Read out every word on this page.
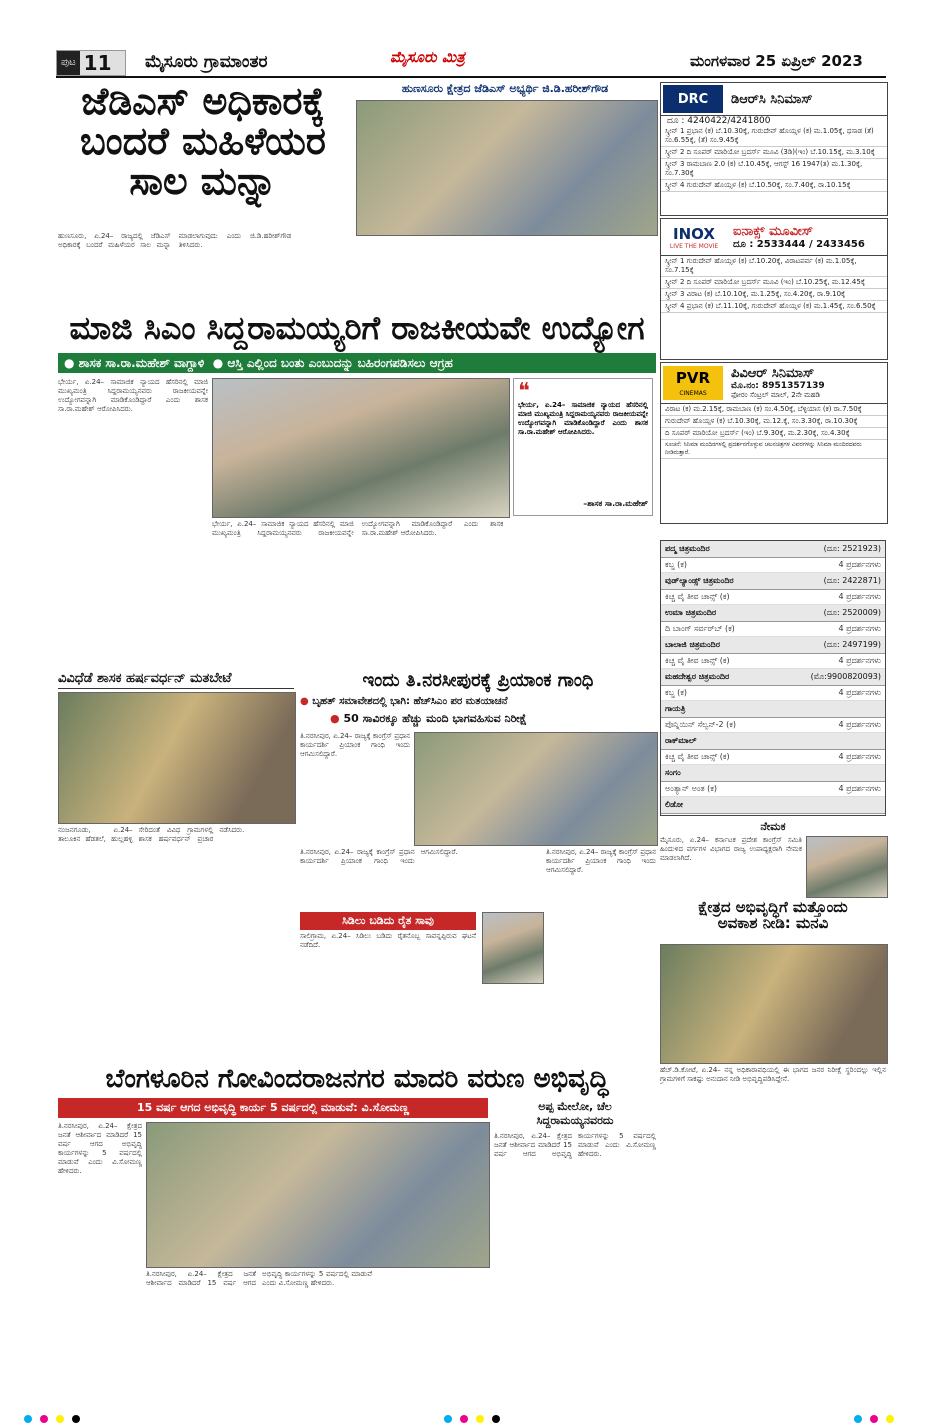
ಪುಟ 11 ಮೈಸೂರು ಗ್ರಾಮಾಂತರ	ಮೈಸೂರು ಮಿತ್ರ	ಮಂಗಳವಾರ 25 ಏಪ್ರಿಲ್ 2023
ಜೆಡಿಎಸ್ ಅಧಿಕಾರಕ್ಕೆ
ಬಂದರೆ ಮಹಿಳೆಯರ
ಸಾಲ ಮನ್ನಾ
ಹುಣಸೂರು ಕ್ಷೇತ್ರದ ಜೆಡಿಎಸ್ ಅಭ್ಯರ್ಥಿ ಜಿ.ಡಿ.ಹರೀಶ್‌ಗೌಡ
ಹುಣಸೂರು, ಏ.24– ರಾಜ್ಯದಲ್ಲಿ ಜೆಡಿಎಸ್ ಅಧಿಕಾರಕ್ಕೆ ಬಂದರೆ ಮಹಿಳೆಯರ ಸಾಲ ಮನ್ನಾ ಮಾಡಲಾಗುವುದು ಎಂದು ಜಿ.ಡಿ.ಹರೀಶ್‌ಗೌಡ ತಿಳಿಸಿದರು.
ಮಾಜಿ ಸಿಎಂ ಸಿದ್ದರಾಮಯ್ಯರಿಗೆ ರಾಜಕೀಯವೇ ಉದ್ಯೋಗ
● ಶಾಸಕ ಸಾ.ರಾ.ಮಹೇಶ್ ವಾಗ್ದಾಳಿ ● ಆಸ್ತಿ ಎಲ್ಲಿಂದ ಬಂತು ಎಂಬುದನ್ನು ಬಹಿರಂಗಪಡಿಸಲು ಆಗ್ರಹ
ಭೇರ್ಯ, ಏ.24– ಸಾಮಾಜಿಕ ನ್ಯಾಯದ ಹೆಸರಿನಲ್ಲಿ ಮಾಜಿ ಮುಖ್ಯಮಂತ್ರಿ ಸಿದ್ದರಾಮಯ್ಯನವರು ರಾಜಕೀಯವನ್ನೇ ಉದ್ಯೋಗವನ್ನಾಗಿ ಮಾಡಿಕೊಂಡಿದ್ದಾರೆ ಎಂದು ಶಾಸಕ ಸಾ.ರಾ.ಮಹೇಶ್ ಆರೋಪಿಸಿದರು.
❝
ಭೇರ್ಯ, ಏ.24– ಸಾಮಾಜಿಕ ನ್ಯಾಯದ ಹೆಸರಿನಲ್ಲಿ ಮಾಜಿ ಮುಖ್ಯಮಂತ್ರಿ ಸಿದ್ದರಾಮಯ್ಯನವರು ರಾಜಕೀಯವನ್ನೇ ಉದ್ಯೋಗವನ್ನಾಗಿ ಮಾಡಿಕೊಂಡಿದ್ದಾರೆ ಎಂದು ಶಾಸಕ ಸಾ.ರಾ.ಮಹೇಶ್ ಆರೋಪಿಸಿದರು.
–ಶಾಸಕ ಸಾ.ರಾ.ಮಹೇಶ್
ಭೇರ್ಯ, ಏ.24– ಸಾಮಾಜಿಕ ನ್ಯಾಯದ ಹೆಸರಿನಲ್ಲಿ ಮಾಜಿ ಮುಖ್ಯಮಂತ್ರಿ ಸಿದ್ದರಾಮಯ್ಯನವರು ರಾಜಕೀಯವನ್ನೇ ಉದ್ಯೋಗವನ್ನಾಗಿ ಮಾಡಿಕೊಂಡಿದ್ದಾರೆ ಎಂದು ಶಾಸಕ ಸಾ.ರಾ.ಮಹೇಶ್ ಆರೋಪಿಸಿದರು.
ವಿವಿಧೆಡೆ ಶಾಸಕ ಹರ್ಷವರ್ಧನ್ ಮತಬೇಟೆ
ನಂಜನಗೂಡು, ಏ.24– ತಾಲೂಕಿನ ಹೆಡತಲೆ, ಹುಲ್ಲಹಳ್ಳಿ ಸೇರಿದಂತೆ ವಿವಿಧ ಗ್ರಾಮಗಳಲ್ಲಿ ಶಾಸಕ ಹರ್ಷವರ್ಧನ್ ಪ್ರಚಾರ ನಡೆಸಿದರು.
ಇಂದು ತಿ.ನರಸೀಪುರಕ್ಕೆ ಪ್ರಿಯಾಂಕ ಗಾಂಧಿ
● ಬೃಹತ್ ಸಮಾವೇಶದಲ್ಲಿ ಭಾಗಿ: ಹೆಚ್‌ಸಿಎಂ ಪರ ಮತಯಾಚನೆ
● 50 ಸಾವಿರಕ್ಕೂ ಹೆಚ್ಚು ಮಂದಿ ಭಾಗವಹಿಸುವ ನಿರೀಕ್ಷೆ
ತಿ.ನರಸೀಪುರ, ಏ.24– ರಾಜ್ಯಕ್ಕೆ ಕಾಂಗ್ರೆಸ್ ಪ್ರಧಾನ ಕಾರ್ಯದರ್ಶಿ ಪ್ರಿಯಾಂಕ ಗಾಂಧಿ ಇಂದು ಆಗಮಿಸಲಿದ್ದಾರೆ.
ತಿ.ನರಸೀಪುರ, ಏ.24– ರಾಜ್ಯಕ್ಕೆ ಕಾಂಗ್ರೆಸ್ ಪ್ರಧಾನ ಕಾರ್ಯದರ್ಶಿ ಪ್ರಿಯಾಂಕ ಗಾಂಧಿ ಇಂದು ಆಗಮಿಸಲಿದ್ದಾರೆ.
ಸಿಡಿಲು ಬಡಿದು ರೈತ ಸಾವು
ಸಾಲಿಗ್ರಾಮ, ಏ.24– ಸಿಡಿಲು ಬಡಿದು ರೈತನೊಬ್ಬ ಸಾವನ್ನಪ್ಪಿರುವ ಘಟನೆ ನಡೆದಿದೆ.
ತಿ.ನರಸೀಪುರ, ಏ.24– ರಾಜ್ಯಕ್ಕೆ ಕಾಂಗ್ರೆಸ್ ಪ್ರಧಾನ ಕಾರ್ಯದರ್ಶಿ ಪ್ರಿಯಾಂಕ ಗಾಂಧಿ ಇಂದು ಆಗಮಿಸಲಿದ್ದಾರೆ.
DRC	ಡಿಆರ್‌ಸಿ ಸಿನಿಮಾಸ್
ದೂ : 4240422/4241800
ಸ್ಕ್ರೀನ್ 1 ಪ್ರಭಾನ (ಕ) ಬೆ.10.30ಕ್ಕೆ, ಗುರುದೇವ್ ಹೊಯ್ಸಳ (ಕ) ಮ.1.05ಕ್ಕೆ, ಧಸಾಡ (ತೆ) ಸಂ.6.55ಕ್ಕೆ, (ತೆ) ಸಂ.9.45ಕ್ಕೆ
ಸ್ಕ್ರೀನ್ 2 ದಿ ಸೂಪರ್ ಮಾರಿಯೋ ಬ್ರದರ್ಸ್ ಮೂವಿ (3ಡಿ)(ಇಂ) ಬೆ.10.15ಕ್ಕೆ, ಮ.3.10ಕ್ಕೆ
ಸ್ಕ್ರೀನ್ 3 ರಾಮಬಾಣ 2.0 (ಕ) ಬೆ.10.45ಕ್ಕೆ, ಆಗಸ್ಟ್ 16 1947(ತ) ಮ.1.30ಕ್ಕೆ, ಸಂ.7.30ಕ್ಕೆ
ಸ್ಕ್ರೀನ್ 4 ಗುರುದೇವ್ ಹೊಯ್ಸಳ (ಕ) ಬೆ.10.50ಕ್ಕೆ, ಸಂ.7.40ಕ್ಕೆ, ರಾ.10.15ಕ್ಕೆ
INOX
LIVE THE MOVIE
ಐನಾಕ್ಸ್ ಮೂವೀಸ್
ದೂ : 2533444 / 2433456
ಸ್ಕ್ರೀನ್ 1 ಗುರುದೇವ್ ಹೊಯ್ಸಳ (ಕ) ಬೆ.10.20ಕ್ಕೆ, ವಿರಾಟಪರ್ವ (ಕ) ಮ.1.05ಕ್ಕೆ, ಸಂ.7.15ಕ್ಕೆ
ಸ್ಕ್ರೀನ್ 2 ದಿ ಸೂಪರ್ ಮಾರಿಯೋ ಬ್ರದರ್ಸ್ ಮೂವಿ (ಇಂ) ಬೆ.10.25ಕ್ಕೆ, ಮ.12.45ಕ್ಕೆ
ಸ್ಕ್ರೀನ್ 3 ವಿರಾಟ (ಕ) ಬೆ.10.10ಕ್ಕೆ, ಮ.1.25ಕ್ಕೆ, ಸಂ.4.20ಕ್ಕೆ, ರಾ.9.10ಕ್ಕೆ
ಸ್ಕ್ರೀನ್ 4 ಪ್ರಭಾನ (ಕ) ಬೆ.11.10ಕ್ಕೆ, ಗುರುದೇವ್ ಹೊಯ್ಸಳ (ಕ) ಮ.1.45ಕ್ಕೆ, ಸಂ.6.50ಕ್ಕೆ
PVR
CINEMAS
ಪಿವಿಆರ್ ಸಿನಿಮಾಸ್
ಮೊ.ನಂ: 8951357139
ಫೋರಂ ಸೆಂಟ್ರಲ್ ಮಾಲ್, 2ನೇ ಮಹಡಿ
ವಿರಾಟ (ಕ) ಮ.2.15ಕ್ಕೆ, ರಾಮಬಾಣ (ಕ) ಸಂ.4.50ಕ್ಕೆ, ಬೆಳ್ಳಿಯಾಸ (ಕ) ರಾ.7.50ಕ್ಕೆ
ಗುರುದೇವ್ ಹೊಯ್ಸಳ (ಕ) ಬೆ.10.30ಕ್ಕೆ, ಮ.12.ಕ್ಕೆ, ಸಂ.3.30ಕ್ಕೆ, ರಾ.10.30ಕ್ಕೆ
ದಿ ಸೂಪರ್ ಮಾರಿಯೋ ಬ್ರದರ್ಸ್ (ಇಂ) ಬೆ.9.30ಕ್ಕೆ, ಮ.2.30ಕ್ಕೆ, ಸಂ.4.30ಕ್ಕೆ
ಸೂಚನೆ: ಸಿನಿಮಾ ಮಂದಿರಗಳಲ್ಲಿ ಪ್ರದರ್ಶನಗೊಳ್ಳುವ ಚಲನಚಿತ್ರಗಳ ವಿವರಗಳನ್ನು ಸಿನಿಮಾ ಮಂದಿರದವರು ನೀಡಿರುತ್ತಾರೆ.
ಪದ್ಮ ಚಿತ್ರಮಂದಿರ	(ದೂ: 2521923)
ಕಬ್ಜ (ಕ)	4 ಪ್ರದರ್ಶನಗಳು
ವುಡ್‌ಲ್ಯಾಂಡ್ಸ್ ಚಿತ್ರಮಂದಿರ	(ದೂ: 2422871)
ಕಿಚ್ಚ ವೈ ತೀವ ಚಾನ್ಸ್ (ಕ)	4 ಪ್ರದರ್ಶನಗಳು
ಉಮಾ ಚಿತ್ರಮಂದಿರ	(ದೂ: 2520009)
ದಿ ಬಾಂಗ್ ಸರ್ವರ್‌ಬ್ (ಕ)	4 ಪ್ರದರ್ಶನಗಳು
ಬಾಲಾಜಿ ಚಿತ್ರಮಂದಿರ	(ದೂ: 2497199)
ಕಿಚ್ಚ ವೈ ತೀವ ಚಾನ್ಸ್ (ಕ)	4 ಪ್ರದರ್ಶನಗಳು
ಮಹದೇಶ್ವರ ಚಿತ್ರಮಂದಿರ	(ಮೊ:9900820093)
ಕಬ್ಜ (ಕ)	4 ಪ್ರದರ್ಶನಗಳು
ಗಾಯತ್ರಿ
ಪೊನ್ನಿಯಿನ್ ಸೆಲ್ವನ್-2 (ಕ)	4 ಪ್ರದರ್ಶನಗಳು
ರಾಕ್‌ಮಾಲ್
ಕಿಚ್ಚ ವೈ ತೀವ ಚಾನ್ಸ್ (ಕ)	4 ಪ್ರದರ್ಶನಗಳು
ಸಂಗಂ
ಅಂತ್ಯಾನ್ ಅಂತ (ಕ)	4 ಪ್ರದರ್ಶನಗಳು
ಲಿಡೋ
ನೇಮಕ
ಮೈಸೂರು, ಏ.24– ಕರ್ನಾಟಕ ಪ್ರದೇಶ ಕಾಂಗ್ರೆಸ್ ಸಮಿತಿ ಹಿಂದುಳಿದ ವರ್ಗಗಳ ವಿಭಾಗದ ರಾಜ್ಯ ಉಪಾಧ್ಯಕ್ಷರಾಗಿ ನೇಮಕ ಮಾಡಲಾಗಿದೆ.
ಕ್ಷೇತ್ರದ ಅಭಿವೃದ್ಧಿಗೆ ಮತ್ತೊಂದು
ಅವಕಾಶ ನೀಡಿ: ಮನವಿ
ಹೆಚ್.ಡಿ.ಕೋಟೆ, ಏ.24– ನನ್ನ ಅಧಿಕಾರಾವಧಿಯಲ್ಲಿ ಈ ಭಾಗದ ಜನರ ನಿರೀಕ್ಷೆ ಸ್ಥರಿಂದಲ್ಲು ಇಲ್ಲಿನ ಗ್ರಾಮಗಳಿಗೆ ಸಾಕಷ್ಟು ಅನುದಾನ ನೀಡಿ ಅಭಿವೃದ್ಧಿಪಡಿಸಿದ್ದೇನೆ.
ಬೆಂಗಳೂರಿನ ಗೋವಿಂದರಾಜನಗರ ಮಾದರಿ ವರುಣ ಅಭಿವೃದ್ಧಿ
15 ವರ್ಷ ಆಗದ ಅಭಿವೃದ್ಧಿ ಕಾರ್ಯ 5 ವರ್ಷದಲ್ಲಿ ಮಾಡುವೆ: ವಿ.ಸೋಮಣ್ಣ
ತಿ.ನರಸೀಪುರ, ಏ.24– ಕ್ಷೇತ್ರದ ಜನತೆ ಆಶೀರ್ವಾದ ಮಾಡಿದರೆ 15 ವರ್ಷ ಆಗದ ಅಭಿವೃದ್ಧಿ ಕಾರ್ಯಗಳನ್ನು 5 ವರ್ಷದಲ್ಲಿ ಮಾಡುವೆ ಎಂದು ವಿ.ಸೋಮಣ್ಣ ಹೇಳಿದರು.
ತಿ.ನರಸೀಪುರ, ಏ.24– ಕ್ಷೇತ್ರದ ಜನತೆ ಆಶೀರ್ವಾದ ಮಾಡಿದರೆ 15 ವರ್ಷ ಆಗದ ಅಭಿವೃದ್ಧಿ ಕಾರ್ಯಗಳನ್ನು 5 ವರ್ಷದಲ್ಲಿ ಮಾಡುವೆ ಎಂದು ವಿ.ಸೋಮಣ್ಣ ಹೇಳಿದರು.
ಅಪ್ಪ ಮೇಲೋ, ಚೆಲ
ಸಿದ್ದರಾಮಯ್ಯನವರದು
ತಿ.ನರಸೀಪುರ, ಏ.24– ಕ್ಷೇತ್ರದ ಜನತೆ ಆಶೀರ್ವಾದ ಮಾಡಿದರೆ 15 ವರ್ಷ ಆಗದ ಅಭಿವೃದ್ಧಿ ಕಾರ್ಯಗಳನ್ನು 5 ವರ್ಷದಲ್ಲಿ ಮಾಡುವೆ ಎಂದು ವಿ.ಸೋಮಣ್ಣ ಹೇಳಿದರು.
